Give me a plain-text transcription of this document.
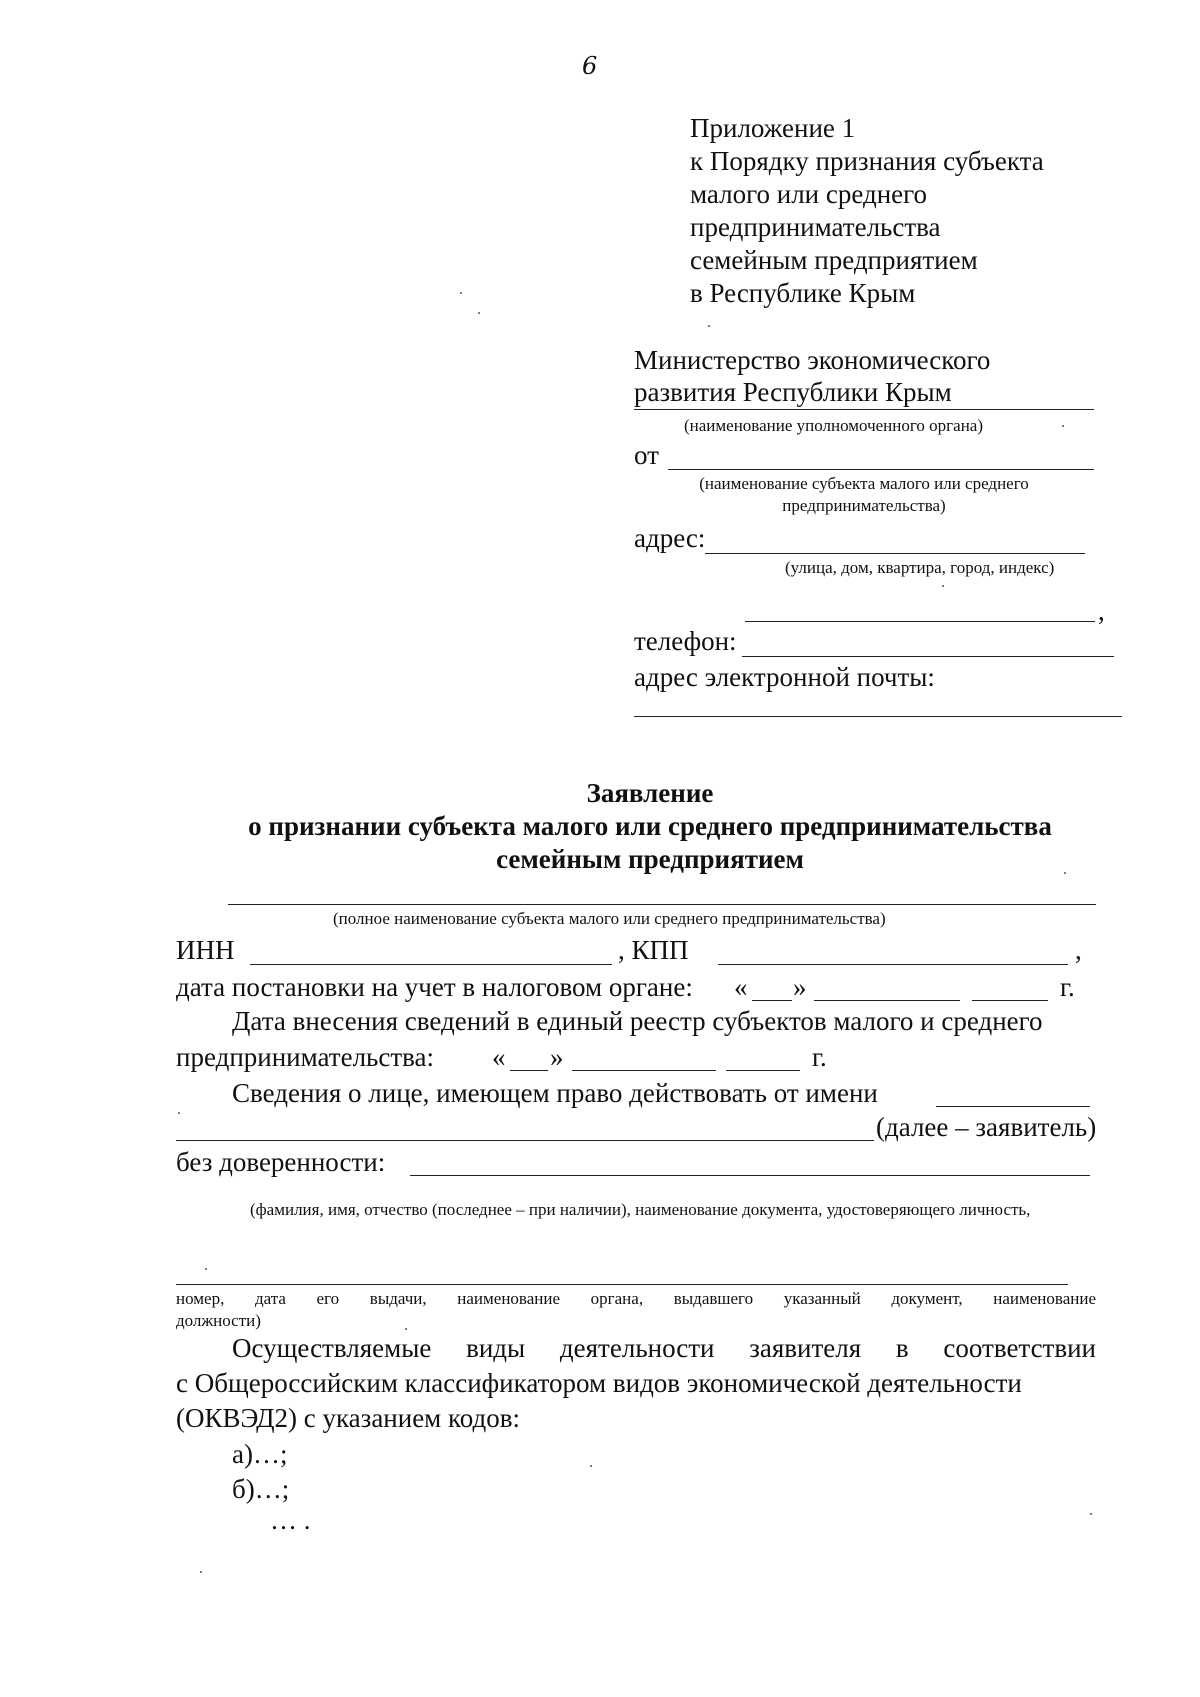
6
Приложение 1
к Порядку признания субъекта
малого или среднего
предпринимательства
семейным предприятием
в Республике Крым
Министерство экономического
развития Республики Крым
(наименование уполномоченного органа)
от
(наименование субъекта малого или среднего
предпринимательства)
адрес:
(улица, дом, квартира, город, индекс)
,
телефон:
адрес электронной почты:
Заявление
о признании субъекта малого или среднего предпринимательства
семейным предприятием
(полное наименование субъекта малого или среднего предпринимательства)
ИНН	, КПП	,
дата постановки на учет в налоговом органе: « »	г.
Дата внесения сведений в единый реестр субъектов малого и среднего
предпринимательства: « »	г.
Сведения о лице, имеющем право действовать от имени
(далее – заявитель)
без доверенности:
(фамилия, имя, отчество (последнее – при наличии), наименование документа, удостоверяющего личность,
номер, дата его выдачи, наименование органа, выдавшего указанный документ, наименование
должности)
Осуществляемые виды деятельности заявителя в соответствии
с Общероссийским классификатором видов экономической деятельности
(ОКВЭД2) с указанием кодов:
а)…;
б)…;
… .
